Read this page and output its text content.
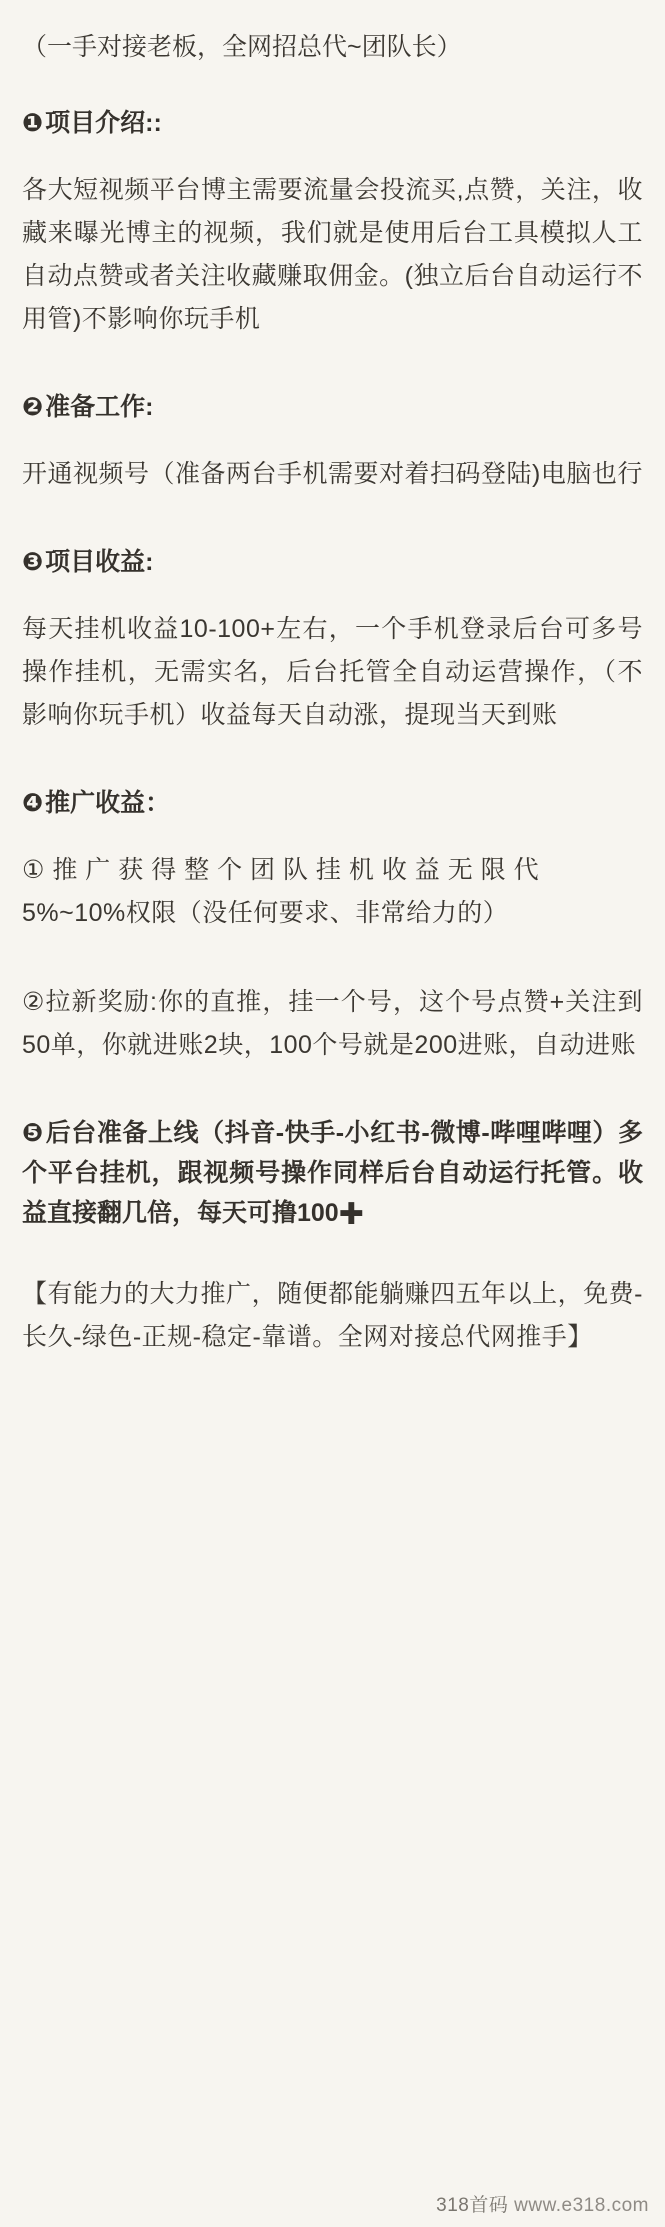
（一手对接老板，全网招总代~团队长）

❶项目介绍::

各大短视频平台博主需要流量会投流买,点赞，关注，收藏来曝光博主的视频，我们就是使用后台工具模拟人工自动点赞或者关注收藏赚取佣金。(独立后台自动运行不用管)不影响你玩手机

❷准备工作:

开通视频号（准备两台手机需要对着扫码登陆)电脑也行

❸项目收益:

每天挂机收益10-100+左右，一个手机登录后台可多号操作挂机，无需实名，后台托管全自动运营操作，（不影响你玩手机）收益每天自动涨，提现当天到账

❹推广收益：

① 推 广 获 得 整 个 团 队 挂 机 收 益 无 限 代

5%~10%权限（没任何要求、非常给力的）

②拉新奖励:你的直推，挂一个号，这个号点赞+关注到50单，你就进账2块，100个号就是200进账，自动进账

❺后台准备上线（抖音-快手-小红书-微博-哔哩哔哩）多个平台挂机，跟视频号操作同样后台自动运行托管。收益直接翻几倍，每天可撸100✚

【有能力的大力推广，随便都能躺赚四五年以上，免费-长久-绿色-正规-稳定-靠谱。全网对接总代网推手】

318首码 www.e318.com
